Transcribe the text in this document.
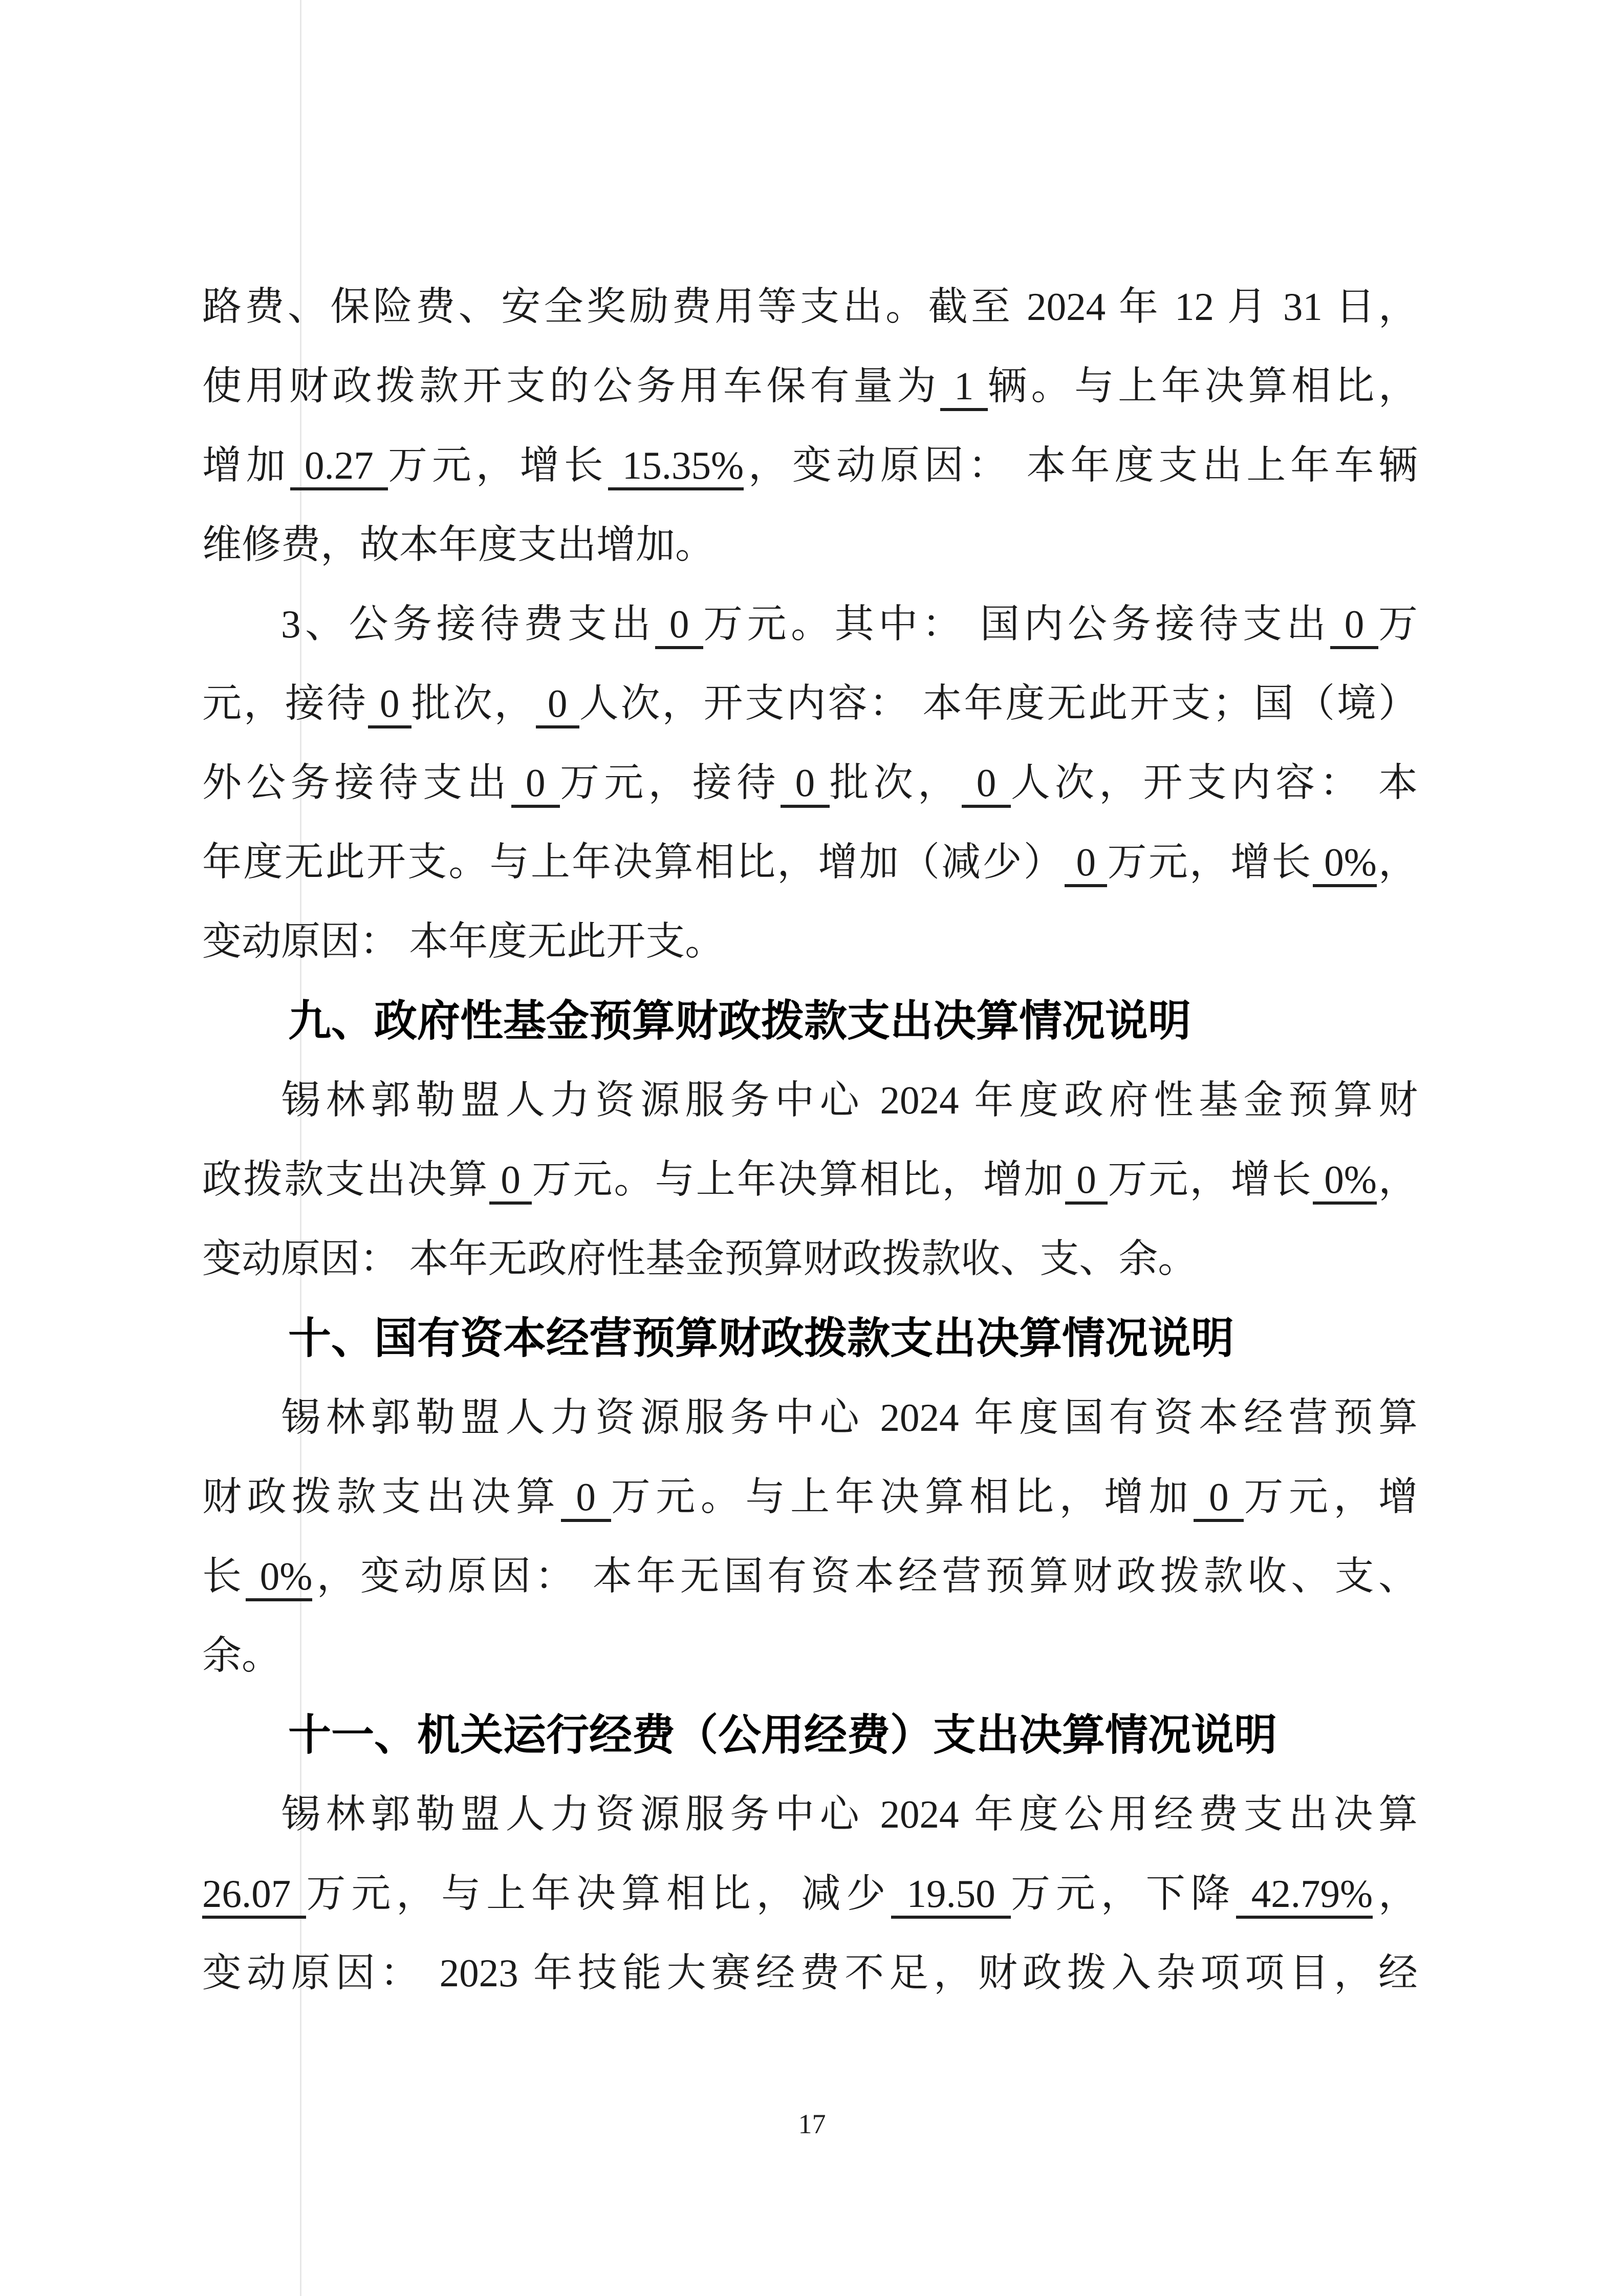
路费、保险费、安全奖励费用等支出。截至 2024 年 12 月 31 日，
使用财政拨款开支的公务用车保有量为 1 辆。与上年决算相比，
增加 0.27 万元，增长 15.35%，变动原因： 本年度支出上年车辆
维修费，故本年度支出增加。
3、公务接待费支出 0 万元。其中： 国内公务接待支出 0 万
元，接待 0 批次， 0 人次，开支内容： 本年度无此开支；国（境）
外公务接待支出 0 万元，接待 0 批次， 0 人次，开支内容： 本
年度无此开支。与上年决算相比，增加（减少） 0 万元，增长 0%，
变动原因： 本年度无此开支。
九、政府性基金预算财政拨款支出决算情况说明
锡林郭勒盟人力资源服务中心 2024 年度政府性基金预算财
政拨款支出决算 0 万元。与上年决算相比，增加 0 万元，增长 0%，
变动原因： 本年无政府性基金预算财政拨款收、支、余。
十、国有资本经营预算财政拨款支出决算情况说明
锡林郭勒盟人力资源服务中心 2024 年度国有资本经营预算
财政拨款支出决算 0 万元。与上年决算相比，增加 0 万元，增
长 0%，变动原因： 本年无国有资本经营预算财政拨款收、支、
余。
十一、机关运行经费（公用经费）支出决算情况说明
锡林郭勒盟人力资源服务中心 2024 年度公用经费支出决算
26.07 万元，与上年决算相比，减少 19.50 万元，下降 42.79%，
变动原因： 2023 年技能大赛经费不足，财政拨入杂项项目，经
17
